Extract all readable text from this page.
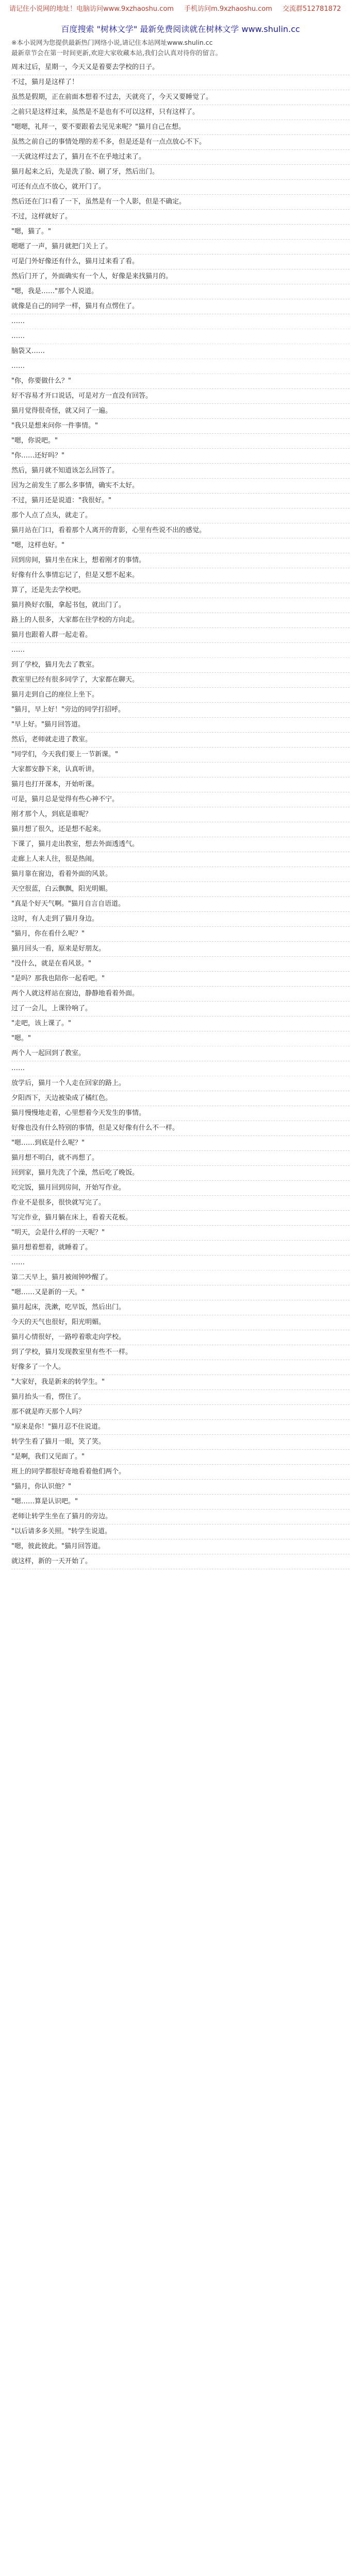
请记住小说网的地址！电脑访问www.9xzhaoshu.com 手机访问m.9xzhaoshu.com 交流群512781872
百度搜索 "树林文学" 最新免费阅读就在树林文学 www.shulin.cc
※本小说网为您提供最新热门网络小说,请记住本站网址www.shulin.cc
最新章节会在第一时间更新,欢迎大家收藏本站,我们会认真对待你的留言。

周末过后，星期一，今天又是着要去学校的日子。

不过，猫月是这样了！

虽然是假期，正在前面本想着不过去，天就亮了，今天又要睡觉了。

之前只是这样过来，虽然是不是也有不可以这样，只有这样了。

"嗯嗯，礼拜一，要不要跟着去见见来呢？"猫月自己在想。

虽然之前自己的事情处理的差不多，但是还是有一点点放心不下。

一天就这样过去了，猫月在不在乎地过来了。

猫月起来之后，先是洗了脸、刷了牙，然后出门。

可还有点点不放心，就开门了。

然后还在门口看了一下，虽然是有一个人影，但是不确定。

不过，这样就好了。

"嗯，猫了。"

嗯嗯了一声，猫月就把门关上了。

可是门外好像还有什么，猫月过来看了看。

然后门开了，外面确实有一个人，好像是来找猫月的。

"嗯，我是……"那个人说道。

就像是自己的同学一样，猫月有点愣住了。

……

……

脑袋又……

……

"你，你要做什么？"

好不容易才开口说话，可是对方一直没有回答。

猫月觉得很奇怪，就又问了一遍。

"我只是想来问你一件事情。"

"嗯，你说吧。"

"你……还好吗？"

然后，猫月就不知道该怎么回答了。

因为之前发生了那么多事情，确实不太好。

不过，猫月还是说道："我很好。"

那个人点了点头，就走了。

猫月站在门口，看着那个人离开的背影，心里有些说不出的感觉。

"嗯，这样也好。"

回到房间，猫月坐在床上，想着刚才的事情。

好像有什么事情忘记了，但是又想不起来。

算了，还是先去学校吧。

猫月换好衣服，拿起书包，就出门了。

路上的人很多，大家都在往学校的方向走。

猫月也跟着人群一起走着。

……

到了学校，猫月先去了教室。

教室里已经有很多同学了，大家都在聊天。

猫月走到自己的座位上坐下。

"猫月，早上好！"旁边的同学打招呼。

"早上好。"猫月回答道。

然后，老师就走进了教室。

"同学们，今天我们要上一节新课。"

大家都安静下来，认真听讲。

猫月也打开课本，开始听课。

可是，猫月总是觉得有些心神不宁。

刚才那个人，到底是谁呢？

猫月想了很久，还是想不起来。

下课了，猫月走出教室，想去外面透透气。

走廊上人来人往，很是热闹。

猫月靠在窗边，看着外面的风景。

天空很蓝，白云飘飘，阳光明媚。

"真是个好天气啊。"猫月自言自语道。

这时，有人走到了猫月身边。

"猫月，你在看什么呢？"

猫月回头一看，原来是好朋友。

"没什么，就是在看风景。"

"是吗？那我也陪你一起看吧。"

两个人就这样站在窗边，静静地看着外面。

过了一会儿，上课铃响了。

"走吧，该上课了。"

"嗯。"

两个人一起回到了教室。

……

放学后，猫月一个人走在回家的路上。

夕阳西下，天边被染成了橘红色。

猫月慢慢地走着，心里想着今天发生的事情。

好像也没有什么特别的事情，但是又好像有什么不一样。

"嗯……到底是什么呢？"

猫月想不明白，就不再想了。

回到家，猫月先洗了个澡，然后吃了晚饭。

吃完饭，猫月回到房间，开始写作业。

作业不是很多，很快就写完了。

写完作业，猫月躺在床上，看着天花板。

"明天，会是什么样的一天呢？"

猫月想着想着，就睡着了。

……

第二天早上，猫月被闹钟吵醒了。

"嗯……又是新的一天。"

猫月起床，洗漱，吃早饭，然后出门。

今天的天气也很好，阳光明媚。

猫月心情很好，一路哼着歌走向学校。

到了学校，猫月发现教室里有些不一样。

好像多了一个人。

"大家好，我是新来的转学生。"

猫月抬头一看，愣住了。

那不就是昨天那个人吗？

"原来是你！"猫月忍不住说道。

转学生看了猫月一眼，笑了笑。

"是啊，我们又见面了。"

班上的同学都很好奇地看着他们两个。

"猫月，你认识他？"

"嗯……算是认识吧。"

老师让转学生坐在了猫月的旁边。

"以后请多多关照。"转学生说道。

"嗯，彼此彼此。"猫月回答道。

就这样，新的一天开始了。
